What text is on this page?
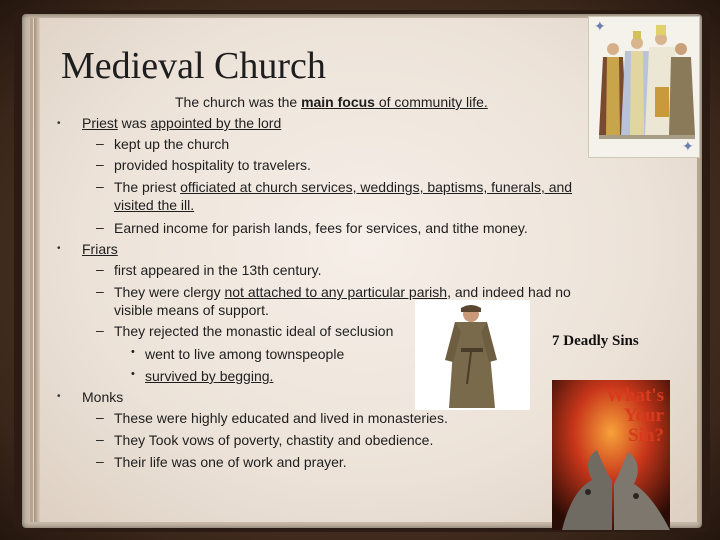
Medieval Church
The church was the main focus of community life.
• Priest was appointed by the lord
– kept up the church
– provided hospitality to travelers.
– The priest officiated at church services, weddings, baptisms, funerals, and
visited the ill.
– Earned income for parish lands, fees for services, and tithe money.
• Friars
– first appeared in the 13th century.
– They were clergy not attached to any particular parish, and indeed had no
visible means of support.
– They rejected the monastic ideal of seclusion
• went to live among townspeople
• survived by begging.
• Monks
– These were highly educated and lived in monasteries.
– They Took vows of poverty, chastity and obedience.
– Their life was one of work and prayer.
✦
✦
7 Deadly Sins
What's
Your
Sin?
